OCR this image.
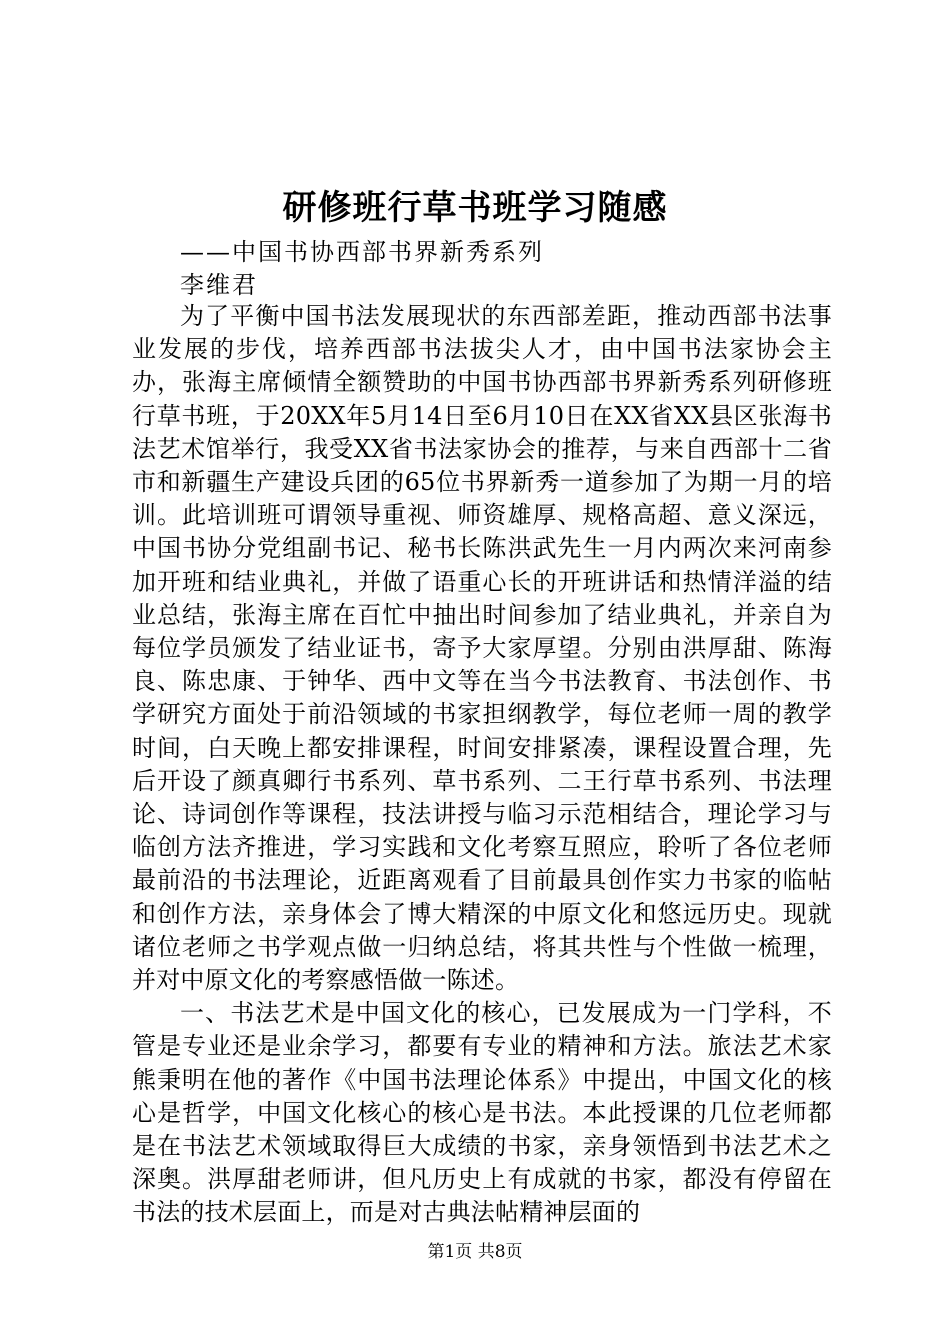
研修班行草书班学习随感
——中国书协西部书界新秀系列
李维君

为了平衡中国书法发展现状的东西部差距，推动西部书法事业发展的步伐，培养西部书法拔尖人才，由中国书法家协会主办，张海主席倾情全额赞助的中国书协西部书界新秀系列研修班行草书班，于20XX年5月14日至6月10日在XX省XX县区张海书法艺术馆举行，我受XX省书法家协会的推荐，与来自西部十二省市和新疆生产建设兵团的65位书界新秀一道参加了为期一月的培训。此培训班可谓领导重视、师资雄厚、规格高超、意义深远，中国书协分党组副书记、秘书长陈洪武先生一月内两次来河南参加开班和结业典礼，并做了语重心长的开班讲话和热情洋溢的结业总结，张海主席在百忙中抽出时间参加了结业典礼，并亲自为每位学员颁发了结业证书，寄予大家厚望。分别由洪厚甜、陈海良、陈忠康、于钟华、西中文等在当今书法教育、书法创作、书学研究方面处于前沿领域的书家担纲教学，每位老师一周的教学时间，白天晚上都安排课程，时间安排紧凑，课程设置合理，先后开设了颜真卿行书系列、草书系列、二王行草书系列、书法理论、诗词创作等课程，技法讲授与临习示范相结合，理论学习与临创方法齐推进，学习实践和文化考察互照应，聆听了各位老师最前沿的书法理论，近距离观看了目前最具创作实力书家的临帖和创作方法，亲身体会了博大精深的中原文化和悠远历史。现就诸位老师之书学观点做一归纳总结，将其共性与个性做一梳理，并对中原文化的考察感悟做一陈述。

一、书法艺术是中国文化的核心，已发展成为一门学科，不管是专业还是业余学习，都要有专业的精神和方法。旅法艺术家熊秉明在他的著作《中国书法理论体系》中提出，中国文化的核心是哲学，中国文化核心的核心是书法。本此授课的几位老师都是在书法艺术领域取得巨大成绩的书家，亲身领悟到书法艺术之深奥。洪厚甜老师讲，但凡历史上有成就的书家，都没有停留在书法的技术层面上，而是对古典法帖精神层面的

第1页 共8页
